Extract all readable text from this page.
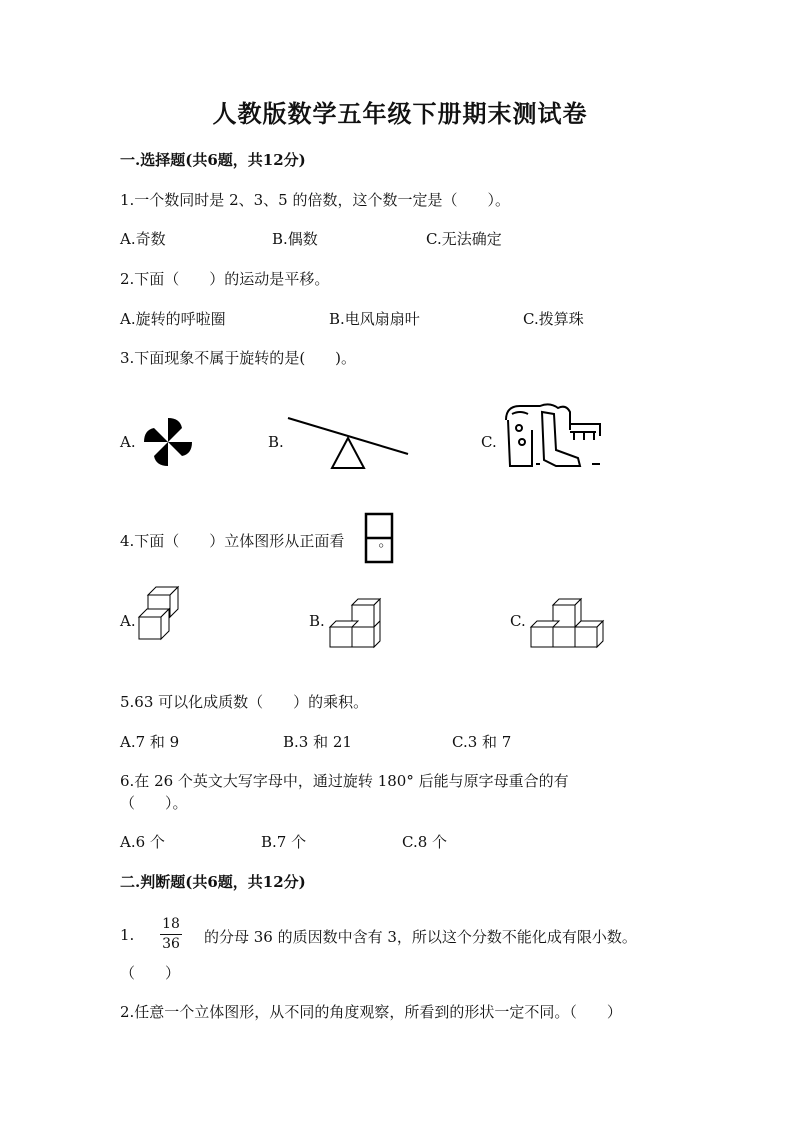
人教版数学五年级下册期末测试卷
一.选择题(共6题，共12分)
1.一个数同时是 2、3、5 的倍数，这个数一定是（　　）。
A.奇数	B.偶数	C.无法确定
2.下面（　　）的运动是平移。
A.旋转的呼啦圈	B.电风扇扇叶	C.拨算珠
3.下面现象不属于旋转的是(　　)。
A.	B.	C.
4.下面（　　）立体图形从正面看 。
A.	B.	C.
5.63 可以化成质数（　　）的乘积。
A.7 和 9	B.3 和 21	C.3 和 7
6.在 26 个英文大写字母中，通过旋转 180° 后能与原字母重合的有
（　　）。
A.6 个	B.7 个	C.8 个
二.判断题(共6题，共12分)
1.
18
36 的分母 36 的质因数中含有 3，所以这个分数不能化成有限小数。
（　　）
2.任意一个立体图形，从不同的角度观察，所看到的形状一定不同。（　　）
